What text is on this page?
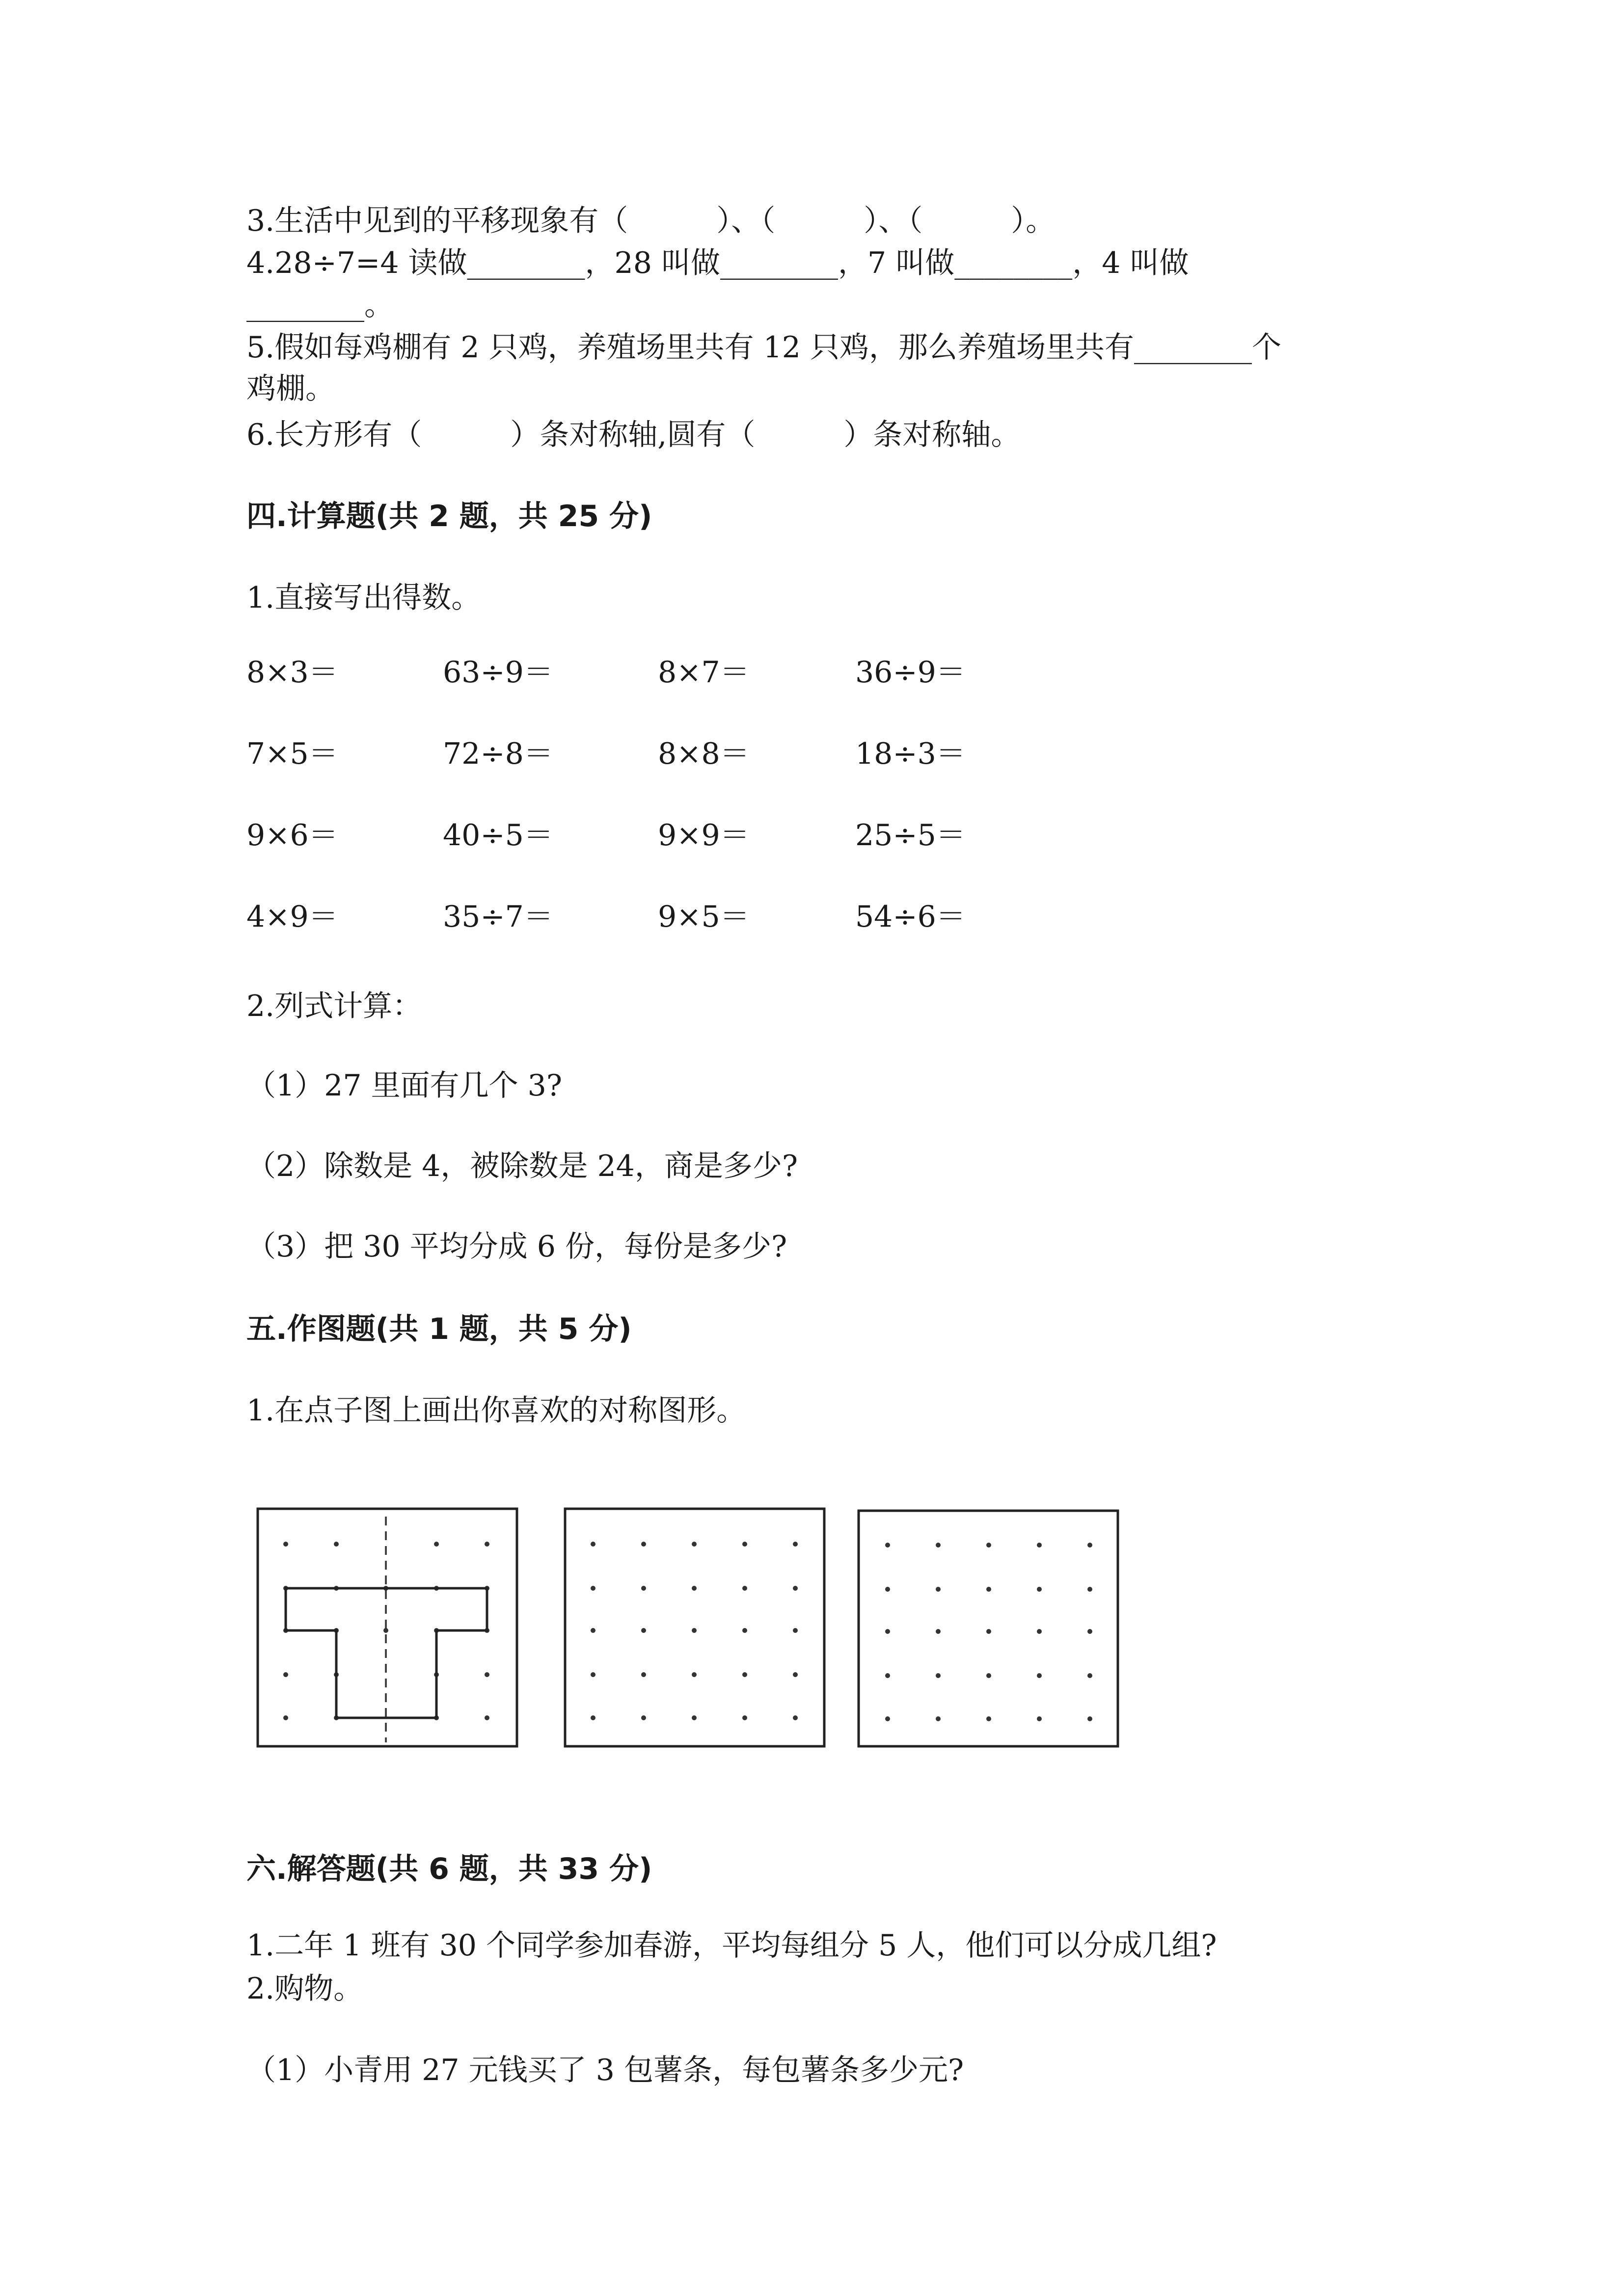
3.生活中见到的平移现象有（　　　）、（　　　）、（　　　）。
4.28÷7=4 读做________，28 叫做________，7 叫做________，4 叫做
________。
5.假如每鸡棚有 2 只鸡，养殖场里共有 12 只鸡，那么养殖场里共有________个
鸡棚。
6.长方形有（　　　）条对称轴,圆有（　　　）条对称轴。
四.计算题(共 2 题，共 25 分)
1.直接写出得数。
8×3＝	63÷9＝	8×7＝	36÷9＝
7×5＝	72÷8＝	8×8＝	18÷3＝
9×6＝	40÷5＝	9×9＝	25÷5＝
4×9＝	35÷7＝	9×5＝	54÷6＝
2.列式计算：
（1）27 里面有几个 3?
（2）除数是 4，被除数是 24，商是多少?
（3）把 30 平均分成 6 份，每份是多少?
五.作图题(共 1 题，共 5 分)
1.在点子图上画出你喜欢的对称图形。
六.解答题(共 6 题，共 33 分)
1.二年 1 班有 30 个同学参加春游，平均每组分 5 人，他们可以分成几组?
2.购物。
（1）小青用 27 元钱买了 3 包薯条，每包薯条多少元?
